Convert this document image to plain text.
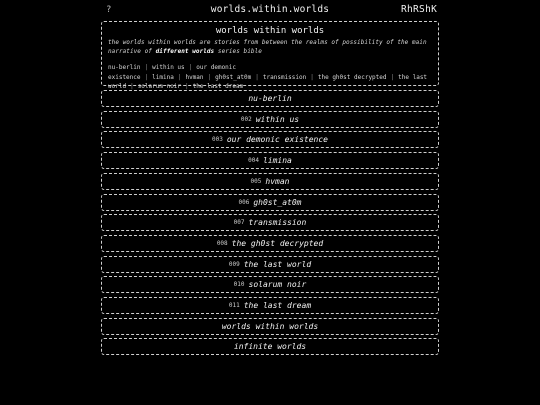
?	worlds.within.worlds	RhRShK
worlds within worlds
the worlds within worlds are stories from between the realms of possibility of the main narrative of different worlds series bible
nu-berlin | within us | our demonic existence | limina | hvman | gh0st_at0m | transmission | the gh0st decrypted | the last world | solarum noir | the last dream
nu-berlin
002 within us
003 our demonic existence
004 limina
005 hvman
006 gh0st_at0m
007 transmission
008 the gh0st decrypted
009 the last world
010 solarum noir
011 the last dream
worlds within worlds
infinite worlds
